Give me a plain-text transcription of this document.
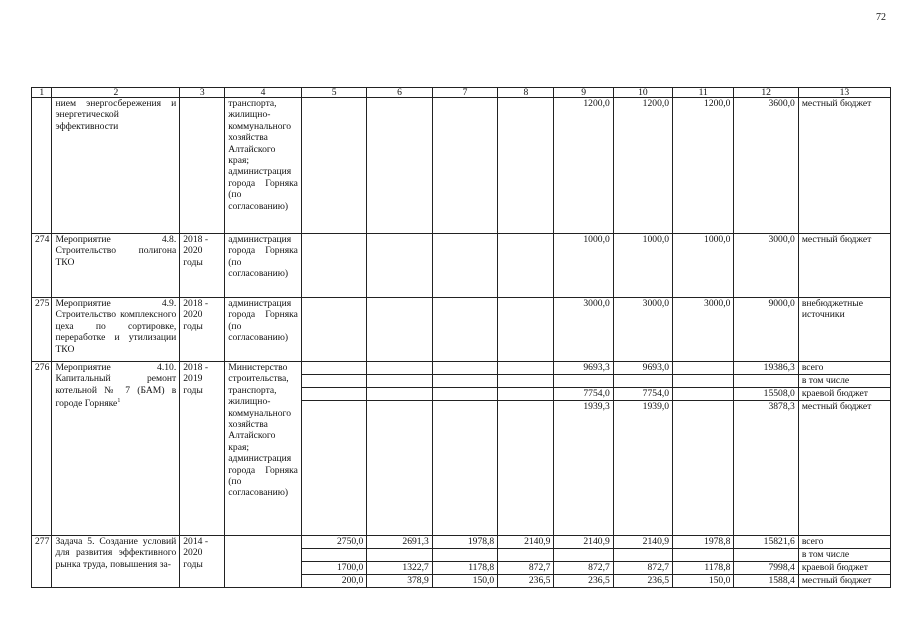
72
1	2	3	4	5	6	7	8	9	10	11	12	13
	нием энергосбережения и энергетической эффективности		транспорта, жилищно-коммунального хозяйства Алтайского края; администрация города Горняка (по согласованию)					1200,0	1200,0	1200,0	3600,0	местный бюджет
274	Мероприятие 4.8. Строительство полигона ТКО	2018 - 2020 годы	администрация города Горняка (по согласованию)					1000,0	1000,0	1000,0	3000,0	местный бюджет
275	Мероприятие 4.9. Строительство комплексного цеха по сортировке, переработке и утилизации ТКО	2018 - 2020 годы	администрация города Горняка (по согласованию)					3000,0	3000,0	3000,0	9000,0	внебюджетные источники
276	Мероприятие 4.10. Капитальный ремонт котельной № 7 (БАМ) в городе Горняке$^1$	2018 - 2019 годы	Министерство строительства, транспорта, жилищно-коммунального хозяйства Алтайского края; администрация города Горняка (по согласованию)					9693,3	9693,0		19386,3	всего
												в том числе
								7754,0	7754,0		15508,0	краевой бюджет
								1939,3	1939,0		3878,3	местный бюджет
277	Задача 5. Создание условий для развития эффективного рынка труда, повышения за-	2014 - 2020 годы		2750,0	2691,3	1978,8	2140,9	2140,9	2140,9	1978,8	15821,6	всего
												в том числе
				1700,0	1322,7	1178,8	872,7	872,7	872,7	1178,8	7998,4	краевой бюджет
				200,0	378,9	150,0	236,5	236,5	236,5	150,0	1588,4	местный бюджет
